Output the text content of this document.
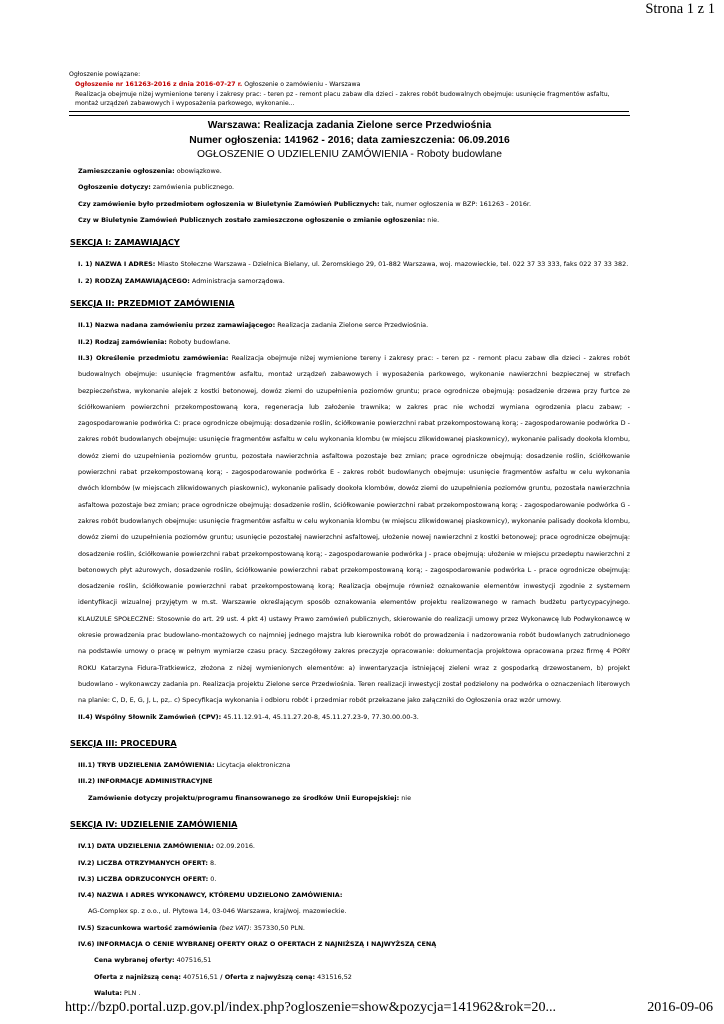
Strona 1 z 1
Ogłoszenie powiązane:
Ogłoszenie nr 161263-2016 z dnia 2016-07-27 r. Ogłoszenie o zamówieniu - Warszawa
Realizacja obejmuje niżej wymienione tereny i zakresy prac: - teren pz - remont placu zabaw dla dzieci - zakres robót budowalnych obejmuje: usunięcie fragmentów asfaltu, montaż urządzeń zabawowych i wyposażenia parkowego, wykonanie...
Warszawa: Realizacja zadania Zielone serce Przedwiośnia
Numer ogłoszenia: 141962 - 2016; data zamieszczenia: 06.09.2016
OGŁOSZENIE O UDZIELENIU ZAMÓWIENIA - Roboty budowlane

Zamieszczanie ogłoszenia: obowiązkowe.

Ogłoszenie dotyczy: zamówienia publicznego.

Czy zamówienie było przedmiotem ogłoszenia w Biuletynie Zamówień Publicznych: tak, numer ogłoszenia w BZP: 161263 - 2016r.

Czy w Biuletynie Zamówień Publicznych zostało zamieszczone ogłoszenie o zmianie ogłoszenia: nie.

SEKCJA I: ZAMAWIAJĄCY

I. 1) NAZWA I ADRES: Miasto Stołeczne Warszawa - Dzielnica Bielany, ul. Żeromskiego 29, 01-882 Warszawa, woj. mazowieckie, tel. 022 37 33 333, faks 022 37 33 382.

I. 2) RODZAJ ZAMAWIAJĄCEGO: Administracja samorządowa.

SEKCJA II: PRZEDMIOT ZAMÓWIENIA

II.1) Nazwa nadana zamówieniu przez zamawiającego: Realizacja zadania Zielone serce Przedwiośnia.

II.2) Rodzaj zamówienia: Roboty budowlane.

II.3) Określenie przedmiotu zamówienia: Realizacja obejmuje niżej wymienione tereny i zakresy prac: - teren pz - remont placu zabaw dla dzieci - zakres robót budowalnych obejmuje: usunięcie fragmentów asfaltu, montaż urządzeń zabawowych i wyposażenia parkowego, wykonanie nawierzchni bezpiecznej w strefach bezpieczeństwa, wykonanie alejek z kostki betonowej, dowóz ziemi do uzupełnienia poziomów gruntu; prace ogrodnicze obejmują: posadzenie drzewa przy furtce ze ściółkowaniem powierzchni przekompostowaną kora, regeneracja lub założenie trawnika; w zakres prac nie wchodzi wymiana ogrodzenia placu zabaw; - zagospodarowanie podwórka C: prace ogrodnicze obejmują: dosadzenie roślin, ściółkowanie powierzchni rabat przekompostowaną korą; - zagospodarowanie podwórka D - zakres robót budowlanych obejmuje: usunięcie fragmentów asfaltu w celu wykonania klombu (w miejscu zlikwidowanej piaskownicy), wykonanie palisady dookoła klombu, dowóz ziemi do uzupełnienia poziomów gruntu, pozostała nawierzchnia asfaltowa pozostaje bez zmian; prace ogrodnicze obejmują: dosadzenie roślin, ściółkowanie powierzchni rabat przekompostowaną korą; - zagospodarowanie podwórka E - zakres robót budowlanych obejmuje: usunięcie fragmentów asfaltu w celu wykonania dwóch klombów (w miejscach zlikwidowanych piaskownic), wykonanie palisady dookoła klombów, dowóz ziemi do uzupełnienia poziomów gruntu, pozostała nawierzchnia asfaltowa pozostaje bez zmian; prace ogrodnicze obejmują: dosadzenie roślin, ściółkowanie powierzchni rabat przekompostowaną korą; - zagospodarowanie podwórka G - zakres robót budowlanych obejmuje: usunięcie fragmentów asfaltu w celu wykonania klombu (w miejscu zlikwidowanej piaskownicy), wykonanie palisady dookoła klombu, dowóz ziemi do uzupełnienia poziomów gruntu; usunięcie pozostałej nawierzchni asfaltowej, ułożenie nowej nawierzchni z kostki betonowej; prace ogrodnicze obejmują: dosadzenie roślin, ściółkowanie powierzchni rabat przekompostowaną korą; - zagospodarowanie podwórka J - prace obejmują: ułożenie w miejscu przedeptu nawierzchni z betonowych płyt ażurowych, dosadzenie roślin, ściółkowanie powierzchni rabat przekompostowaną korą; - zagospodarowanie podwórka L - prace ogrodnicze obejmują: dosadzenie roślin, ściółkowanie powierzchni rabat przekompostowaną korą; Realizacja obejmuje również oznakowanie elementów inwestycji zgodnie z systemem identyfikacji wizualnej przyjętym w m.st. Warszawie określającym sposób oznakowania elementów projektu realizowanego w ramach budżetu partycypacyjnego. KLAUZULE SPOŁECZNE: Stosownie do art. 29 ust. 4 pkt 4) ustawy Prawo zamówień publicznych, skierowanie do realizacji umowy przez Wykonawcę lub Podwykonawcę w okresie prowadzenia prac budowlano-montażowych co najmniej jednego majstra lub kierownika robót do prowadzenia i nadzorowania robót budowlanych zatrudnionego na podstawie umowy o pracę w pełnym wymiarze czasu pracy. Szczegółowy zakres preczyzje opracowanie: dokumentacja projektowa opracowana przez firmę 4 PORY ROKU Katarzyna Fidura-Tratkiewicz, złożona z niżej wymienionych elementów: a) inwentaryzacja istniejącej zieleni wraz z gospodarką drzewostanem, b) projekt budowlano - wykonawczy zadania pn. Realizacja projektu Zielone serce Przedwiośnia. Teren realizacji inwestycji został podzielony na podwórka o oznaczeniach literowych na planie: C, D, E, G, J, L, pz,. c) Specyfikacja wykonania i odbioru robót i przedmiar robót przekazane jako załączniki do Ogłoszenia oraz wzór umowy.

II.4) Wspólny Słownik Zamówień (CPV): 45.11.12.91-4, 45.11.27.20-8, 45.11.27.23-9, 77.30.00.00-3.

SEKCJA III: PROCEDURA

III.1) TRYB UDZIELENIA ZAMÓWIENIA: Licytacja elektroniczna

III.2) INFORMACJE ADMINISTRACYJNE

Zamówienie dotyczy projektu/programu finansowanego ze środków Unii Europejskiej: nie

SEKCJA IV: UDZIELENIE ZAMÓWIENIA

IV.1) DATA UDZIELENIA ZAMÓWIENIA: 02.09.2016.

IV.2) LICZBA OTRZYMANYCH OFERT: 8.

IV.3) LICZBA ODRZUCONYCH OFERT: 0.

IV.4) NAZWA I ADRES WYKONAWCY, KTÓREMU UDZIELONO ZAMÓWIENIA:

AG-Complex sp. z o.o., ul. Płytowa 14, 03-046 Warszawa, kraj/woj. mazowieckie.

IV.5) Szacunkowa wartość zamówienia (bez VAT): 357330,50 PLN.

IV.6) INFORMACJA O CENIE WYBRANEJ OFERTY ORAZ O OFERTACH Z NAJNIŻSZĄ I NAJWYŻSZĄ CENĄ

Cena wybranej oferty: 407516,51

Oferta z najniższą ceną: 407516,51 / Oferta z najwyższą ceną: 431516,52

Waluta: PLN .

http://bzp0.portal.uzp.gov.pl/index.php?ogloszenie=show&pozycja=141962&rok=20...	2016-09-06
